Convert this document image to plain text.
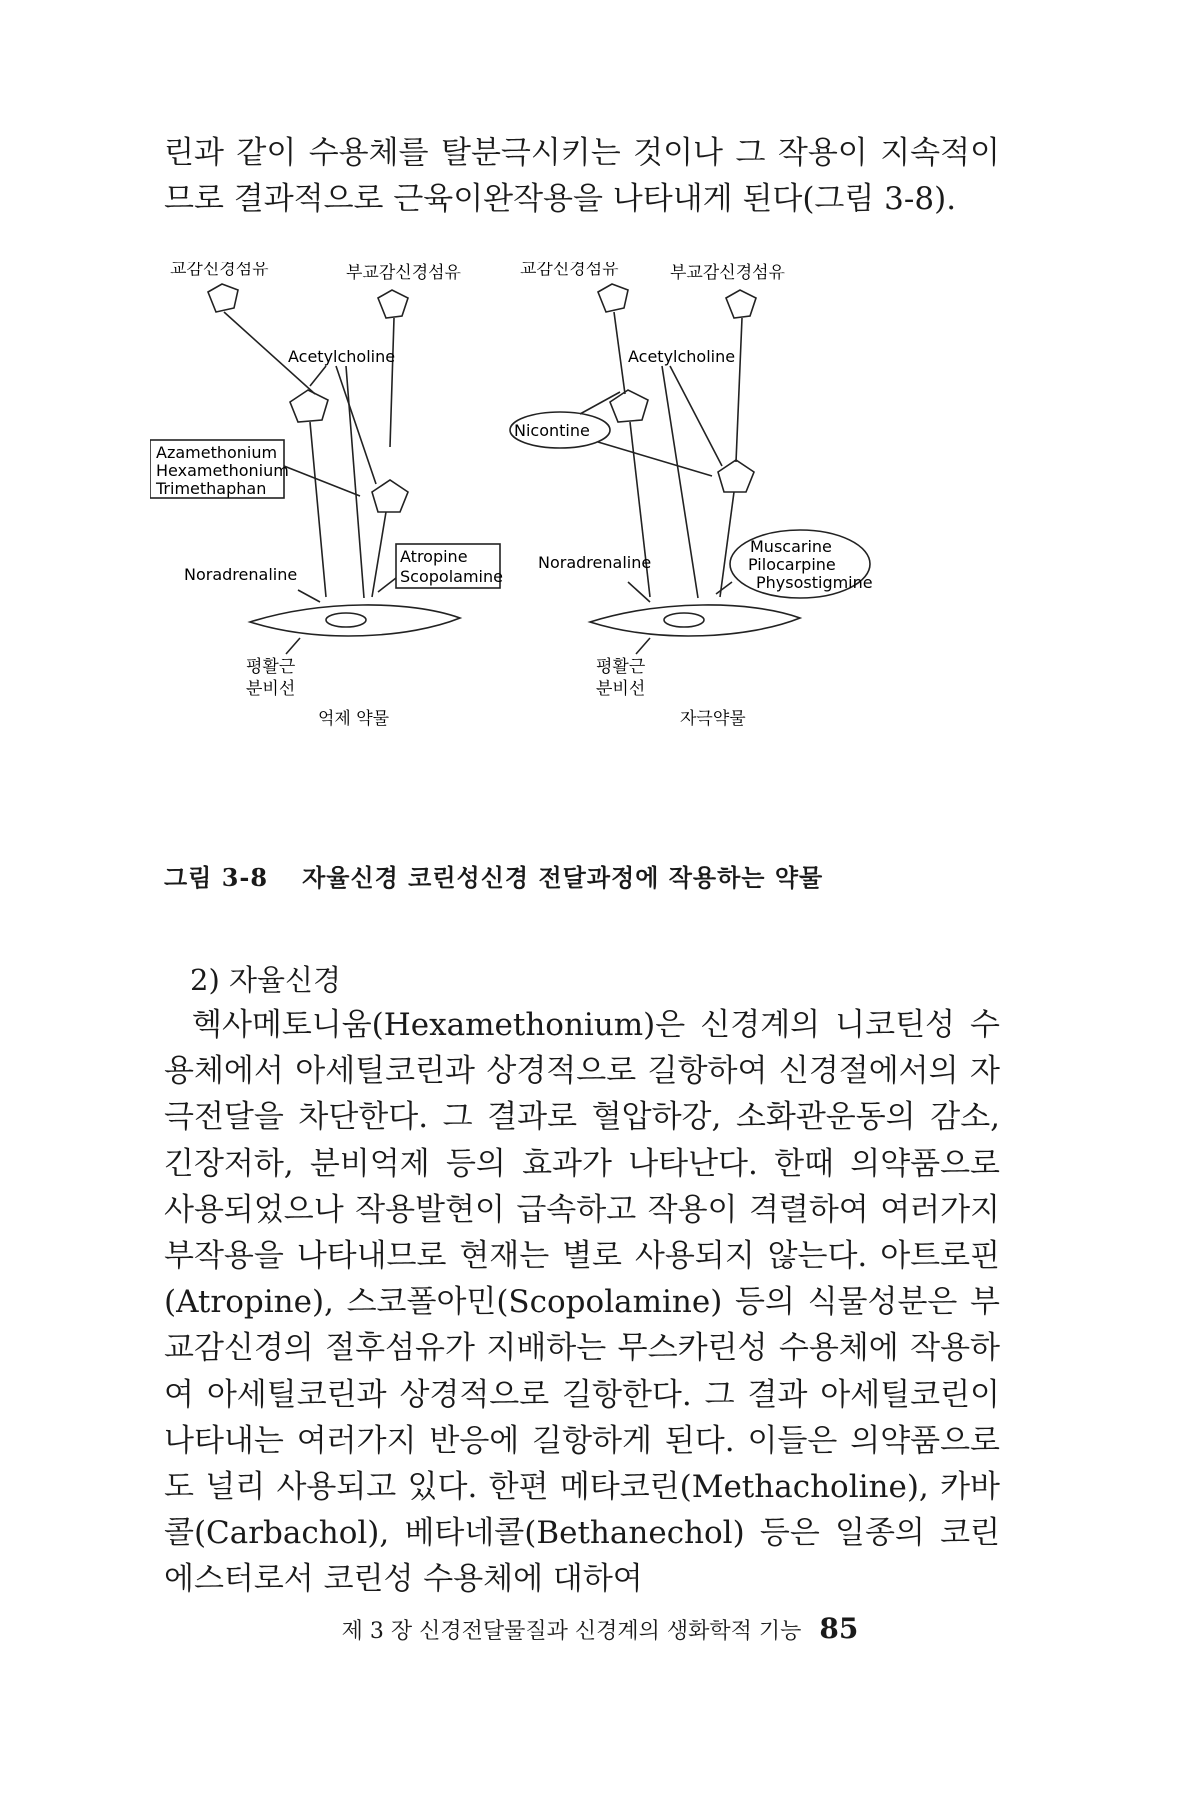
린과 같이 수용체를 탈분극시키는 것이나 그 작용이 지속적이므로 결과적으로 근육이완작용을 나타내게 된다(그림 3-8).
교감신경섬유	부교감신경섬유
Acetylcholine
Azamethonium
Hexamethonium
Trimethaphan
Atropine
Scopolamine
Noradrenaline
평활근
분비선
억제 약물
교감신경섬유	부교감신경섬유
Acetylcholine
Nicontine
Noradrenaline
Muscarine
Pilocarpine
Physostigmine
평활근
분비선
자극약물
그림 3-8 자율신경 코린성신경 전달과정에 작용하는 약물
2) 자율신경

헥사메토니움(Hexamethonium)은 신경계의 니코틴성 수용체에서 아세틸코린과 상경적으로 길항하여 신경절에서의 자극전달을 차단한다. 그 결과로 혈압하강, 소화관운동의 감소, 긴장저하, 분비억제 등의 효과가 나타난다. 한때 의약품으로 사용되었으나 작용발현이 급속하고 작용이 격렬하여 여러가지 부작용을 나타내므로 현재는 별로 사용되지 않는다. 아트로핀(Atropine), 스코폴아민(Scopolamine) 등의 식물성분은 부교감신경의 절후섬유가 지배하는 무스카린성 수용체에 작용하여 아세틸코린과 상경적으로 길항한다. 그 결과 아세틸코린이 나타내는 여러가지 반응에 길항하게 된다. 이들은 의약품으로도 널리 사용되고 있다. 한편 메타코린(Methacholine), 카바콜(Carbachol), 베타네콜(Bethanechol) 등은 일종의 코린에스터로서 코린성 수용체에 대하여

제 3 장 신경전달물질과 신경계의 생화학적 기능 85
